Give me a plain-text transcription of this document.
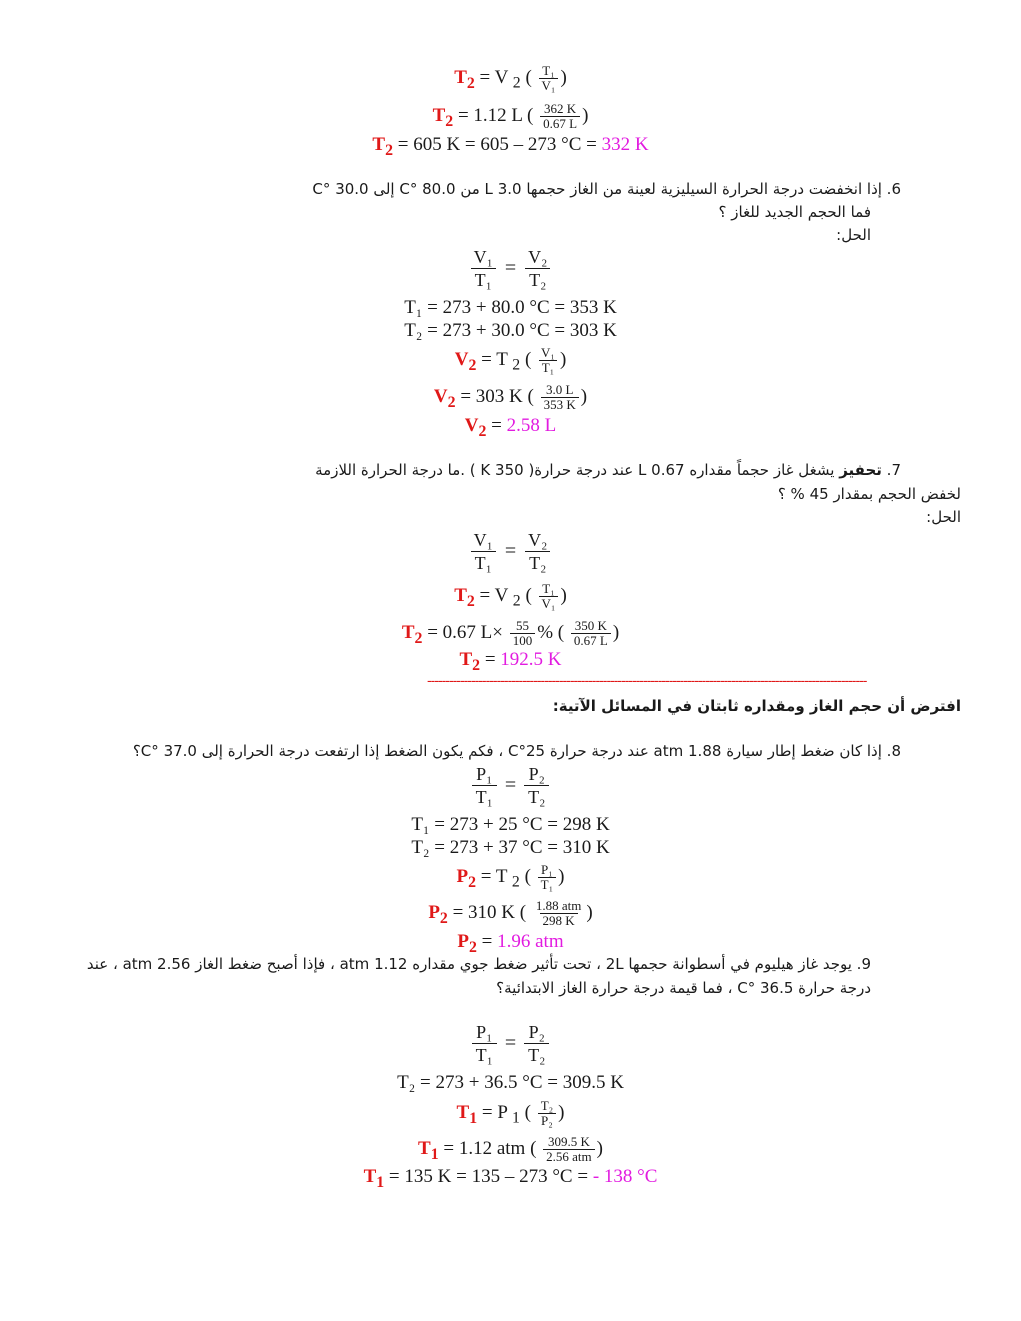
$T_2 = V$ $_2$ ( $\frac{\text{T₁}}{\text{V₁}}$ )
$T_2 = 1.12$ L ( $\frac{362 K}{0.67 L}$ )
$T_2 = 605$ K = 605 – 273 °C = 332 K
6. إذا انخفضت درجة الحرارة السيليزية لعينة من الغاز حجمها 3.0 L من 80.0 °C إلى 30.0 °C
فما الحجم الجديد للغاز ؟
الحل:
$\frac{\text{V₁}}{\text{T₁}} = \frac{\text{V₂}}{\text{T₂}}$
T₁ = 273 + 80.0 °C = 353 K
T₂ = 273 + 30.0 °C = 303 K
$V_2 = T$ $_2$ ( $\frac{\text{V₁}}{\text{T₁}}$ )
$V_2 = 303$ K ( $\frac{3.0 L}{353 K}$ )
$V_2 = 2.58$ L
7. تحفيز يشغل غاز حجماً مقداره 0.67 L عند درجة حرارة( 350 K ) .ما درجة الحرارة اللازمة
لخفض الحجم بمقدار 45 % ؟
الحل:
$\frac{\text{V₁}}{\text{T₁}} = \frac{\text{V₂}}{\text{T₂}}$
$T_2 = V$ $_2$ ( $\frac{\text{T₁}}{\text{V₁}}$ )
$T_2 = 0.67$ $L\times \frac{55}{100}$ % ( $\frac{350 K}{0.67 L}$ )
$T_2 = 192.5$ K
------------------------------------------------------------------------------------------------------------------------
افترض أن حجم الغاز ومقداره ثابتان في المسائل الآتية:
8. إذا كان ضغط إطار سيارة 1.88 atm عند درجة حرارة 25°C ، فكم يكون الضغط إذا ارتفعت درجة الحرارة إلى 37.0 °C؟
$\frac{\text{P₁}}{\text{T₁}} = \frac{\text{P₂}}{\text{T₂}}$
T₁ = 273 + 25 °C = 298 K
T₂ = 273 + 37 °C = 310 K
$P_2 = T$ $_2$ ( $\frac{\text{P₁}}{\text{T₁}}$ )
$P_2 = 310$ K ( $\frac{\text{1.88 atm}}{298 K}$ )
$P_2 = 1.96$ atm
9. يوجد غاز هيليوم في أسطوانة حجمها 2L ، تحت تأثير ضغط جوي مقداره 1.12 atm ، فإذا أصبح ضغط الغاز 2.56 atm ، عند
درجة حرارة 36.5 °C ، فما قيمة درجة حرارة الغاز الابتدائية؟
$\frac{\text{P₁}}{\text{T₁}} = \frac{\text{P₂}}{\text{T₂}}$
T₂ = 273 + 36.5 °C = 309.5 K
$T_1 = P$ $_1$ ( $\frac{\text{T₂}}{\text{P₂}}$ )
$T_1 = 1.12$ atm ( $\frac{309.5 K}{\text{2.56 atm}}$ )
$T_1 = 135$ K = 135 – 273 °C = - 138 °C
